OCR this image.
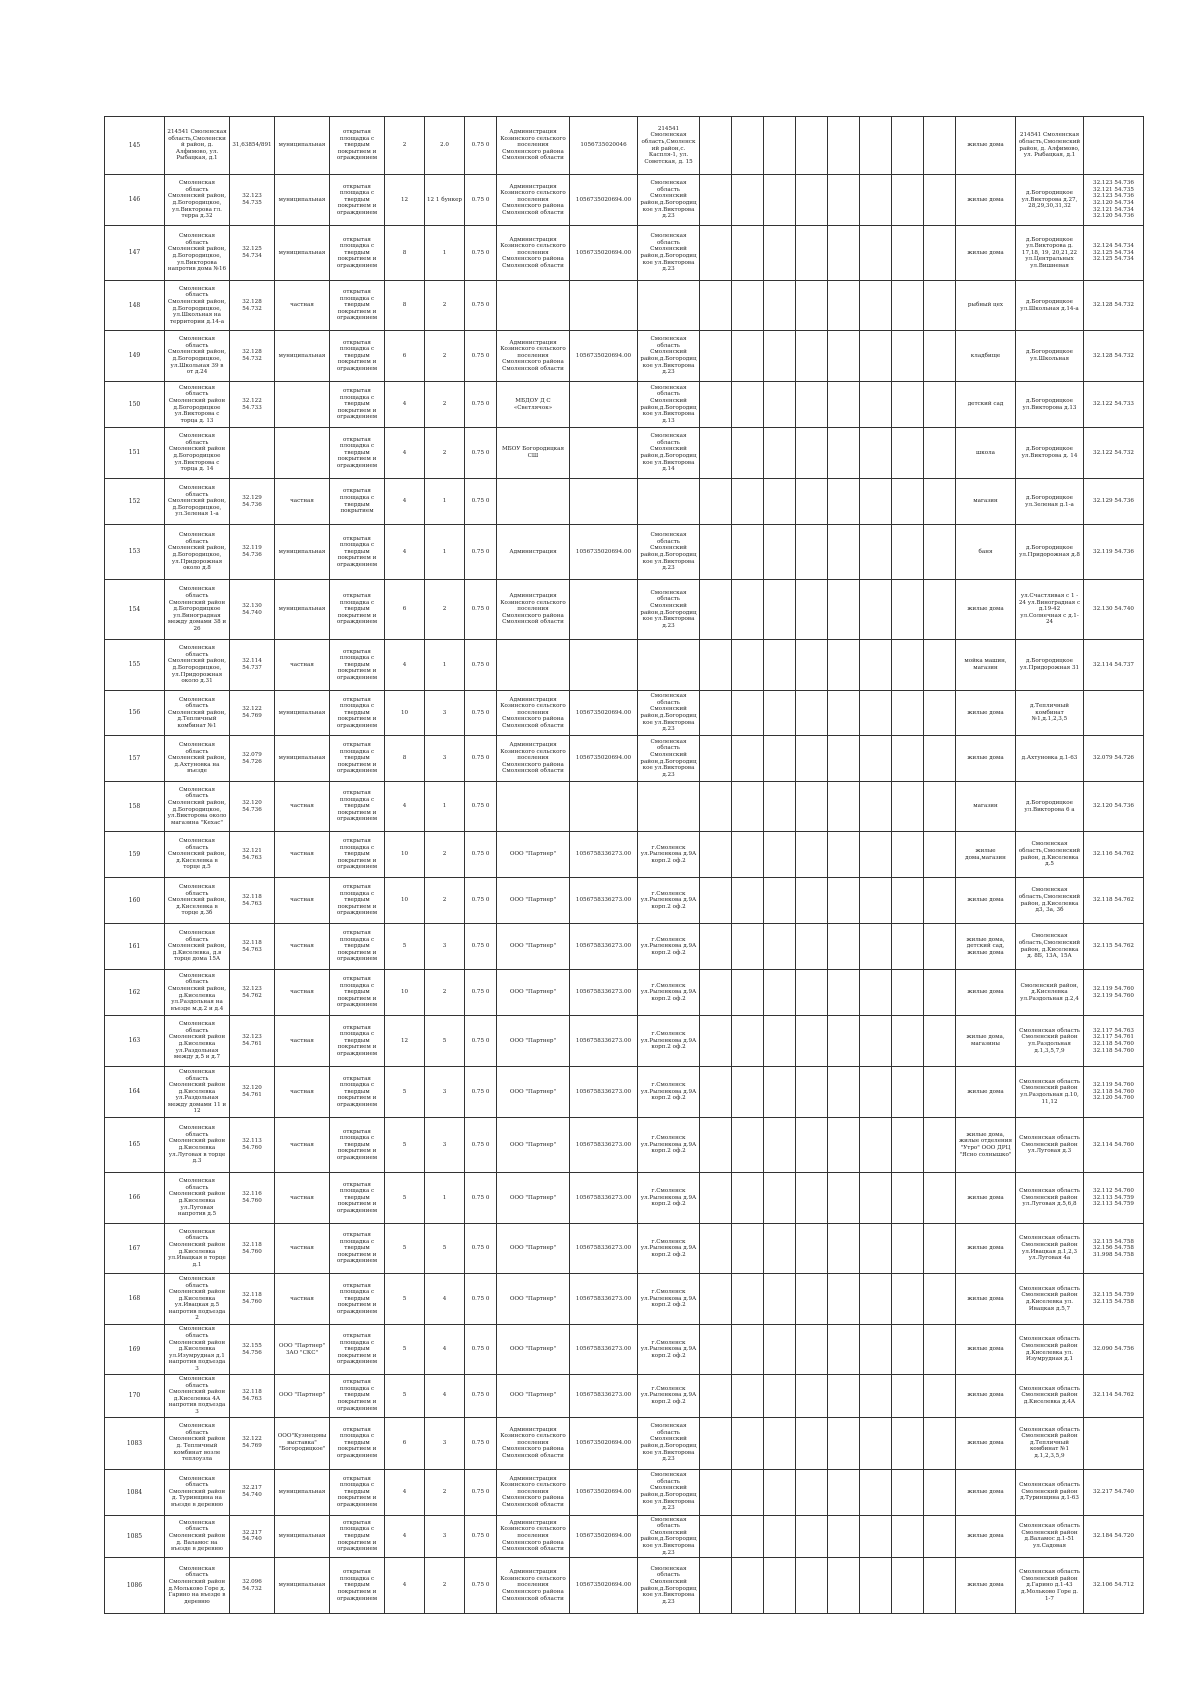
145	214541 Смоленская область,Смоленский район, д. Алфимово, ул. Рыбацкая, д.1	31,63854/891	муниципальная	открытая площадка с твердым покрытием и ограждением	2	2.0	0.75 0	Администрация Козинского сельского поселения Смоленского района Смоленской области	1056735020046	214541 Смоленская область,Смоленский район,с. Каспля-1, ул. Советская, д. 15									жилые дома	214541 Смоленская область,Смоленский район, д. Алфимово, ул. Рыбацкая, д.1	
146	Смоленская область Смоленский район, д.Богородицкое, ул.Викторова гл. терра д.32	32.123 54.735	муниципальная	открытая площадка с твердым покрытием и ограждением	12	12 1 бункер	0.75 0	Администрация Козинского сельского поселения Смоленского района Смоленской области	1056735020694.00	Смоленская область Смоленский район,д.Богородицкое ул.Викторова д.23									жилые дома	д.Богородицкое ул.Викторова д.27, 28,29,30,31,32	32.123 54.736 32.121 54.735 32.123 54.736 32.120 54.734 32.121 54.734 32.120 54.736
147	Смоленская область Смоленский район, д.Богородицкое, ул.Викторова напротив дома №16	32.125 54.734	муниципальная	открытая площадка с твердым покрытием и ограждением	8	1	0.75 0	Администрация Козинского сельского поселения Смоленского района Смоленской области	1056735020694.00	Смоленская область Смоленский район,д.Богородицкое ул.Викторова д.23									жилые дома	д.Богородицкое ул.Викторова д. 17,18, 19, 20,21,22 ул.Центральных ул.Вишневая	32.124 54.734 32.125 54.734 32.125 54.734
148	Смоленская область Смоленский район, д.Богородицкое, ул.Школьная на территории д.14-а	32.128 54.732	частная	открытая площадка с твердым покрытием и ограждением	8	2	0.75 0												рыбный цех	д.Богородицкое ул.Школьная д.14-а	32.128 54.732
149	Смоленская область Смоленский район, д.Богородицкое, ул.Школьная 39 в от д.24	32.128 54.732	муниципальная	открытая площадка с твердым покрытием и ограждением	6	2	0.75 0	Администрация Козинского сельского поселения Смоленского района Смоленской области	1056735020694.00	Смоленская область Смоленский район,д.Богородицкое ул.Викторова д.23									кладбище	д.Богородицкое ул.Школьная	32.128 54.732
150	Смоленская область Смоленский район д.Богородицкое ул.Викторова с торца д. 13	32.122 54.733		открытая площадка с твердым покрытием и ограждением	4	2	0.75 0	МБДОУ Д С «Светлячок»		Смоленская область Смоленский район,д.Богородицкое ул.Викторова д.13									детский сад	д.Богородицкое ул.Викторова д.13	32.122 54.733
151	Смоленская область Смоленский район д.Богородицкое ул.Викторова с торца д. 14			открытая площадка с твердым покрытием и ограждением	4	2	0.75 0	МБОУ Богородицкая СШ		Смоленская область Смоленский район,д.Богородицкое ул.Викторова д.14									школа	д.Богородицкое ул.Викторова д. 14	32.122 54.732
152	Смоленская область Смоленский район, д.Богородицкое, ул.Зеленая 1-а	32.129 54.736	частная	открытая площадка с твердым покрытием	4	1	0.75 0												магазин	д.Богородицкое ул.Зеленая д.1-а	32.129 54.736
153	Смоленская область Смоленский район, д.Богородицкое, ул.Придорожная около д.8	32.119 54.736	муниципальная	открытая площадка с твердым покрытием и ограждением	4	1	0.75 0	Администрация	1056735020694.00	Смоленская область Смоленский район,д.Богородицкое ул.Викторова д.23									баня	д.Богородицкое ул.Придорожная д.8	32.119 54.736
154	Смоленская область Смоленский район д.Богородицкое ул.Виноградная между домами 38 и 26	32.130 54.740	муниципальная	открытая площадка с твердым покрытием и ограждением	6	2	0.75 0	Администрация Козинского сельского поселения Смоленского района Смоленской области		Смоленская область Смоленский район,д.Богородицкое ул.Викторова д.23									жилые дома	ул.Счастливая с 1 - 24 ул.Виноградная с д.19-42 ул.Солнечная с д.1-24	32.130 54.740
155	Смоленская область Смоленский район, д.Богородицкое, ул.Придорожная около д.31	32.114 54.737	частная	открытая площадка с твердым покрытием и ограждением	4	1	0.75 0												мойка машин, магазин	д.Богородицкое ул.Придорожная 31	32.114 54.737
156	Смоленская область Смоленский район, д.Тепличный комбинат №1	32.122 54.769	муниципальная	открытая площадка с твердым покрытием и ограждением	10	3	0.75 0	Администрация Козинского сельского поселения Смоленского района Смоленской области	1056735020694.00	Смоленская область Смоленский район,д.Богородицкое ул.Викторова д.23									жилые дома	д.Тепличный комбинат №1,д.1,2,3,5	
157	Смоленская область Смоленский район, д.Ахтуновка на въезде	32.079 54.726	муниципальная	открытая площадка с твердым покрытием и ограждением	8	3	0.75 0	Администрация Козинского сельского поселения Смоленского района Смоленской области	1056735020694.00	Смоленская область Смоленский район,д.Богородицкое ул.Викторова д.23									жилые дома	д.Ахтуновка д.1-63	32.079 54.726
158	Смоленская область Смоленский район, д.Богородицкое, ул.Викторова около магазина "Кехас"	32.120 54.736	частная	открытая площадка с твердым покрытием и ограждением	4	1	0.75 0												магазин	д.Богородицкое ул.Викторова 6 а	32.120 54.736
159	Смоленская область Смоленский район, д.Киселевка в торце д.5	32.121 54.763	частная	открытая площадка с твердым покрытием и ограждением	10	2	0.75 0	ООО "Партнер"	1056758336273.00	г.Смоленск ул.Рыленкова д.9А корп.2 оф.2									жилые дома,магазин	Смоленская область,Смоленский район, д.Киселевка д.5	32.116 54.762
160	Смоленская область Смоленский район, д.Киселевка в торце д.3б	32.118 54.763	частная	открытая площадка с твердым покрытием и ограждением	10	2	0.75 0	ООО "Партнер"	1056758336273.00	г.Смоленск ул.Рыленкова д.9А корп.2 оф.2									жилые дома	Смоленская область,Смоленский район, д.Киселевка д3, 3а, 3б	32.118 54.762
161	Смоленская область Смоленский район, д.Киселевка, д.в торце дома 15А	32.118 54.763	частная	открытая площадка с твердым покрытием и ограждением	5	3	0.75 0	ООО "Партнер"	1056758336273.00	г.Смоленск ул.Рыленкова д.9А корп.2 оф.2									жилые дома, детский сад, жилые дома	Смоленская область,Смоленский район, д.Киселевка д. 8Б, 13А, 15А	32.115 54.762
162	Смоленская область Смоленский район, д.Киселевка ул.Раздольная на въезде м.д.2 и д.4	32.123 54.762	частная	открытая площадка с твердым покрытием и ограждением	10	2	0.75 0	ООО "Партнер"	1056758336273.00	г.Смоленск ул.Рыленкова д.9А корп.2 оф.2									жилые дома	Смоленский район, д.Киселевка ул.Раздольная д.2,4	32.119 54.760 32.119 54.760
163	Смоленская область Смоленский район д.Киселевка ул.Раздольная между д.5 и д.7	32.123 54.761	частная	открытая площадка с твердым покрытием и ограждением	12	5	0.75 0	ООО "Партнер"	1056758336273.00	г.Смоленск ул.Рыленкова д.9А корп.2 оф.2									жилые дома, магазины	Смоленская область Смоленский район ул.Раздольная д.1,3,5,7,9	32.117 54.763 32.117 54.761 32.118 54.760 32.118 54.760
164	Смоленская область Смоленский район д.Киселевка ул.Раздольная между домами 11 и 12	32.120 54.761	частная	открытая площадка с твердым покрытием и ограждением	5	3	0.75 0	ООО "Партнер"	1056758336273.00	г.Смоленск ул.Рыленкова д.9А корп.2 оф.2									жилые дома	Смоленская область Смоленский район ул.Раздольная д.10, 11,12	32.119 54.760 32.118 54.760 32.120 54.760
165	Смоленская область Смоленский район д.Киселевка ул.Луговая в торце д.3	32.113 54.760	частная	открытая площадка с твердым покрытием и ограждением	5	3	0.75 0	ООО "Партнер"	1056758336273.00	г.Смоленск ул.Рыленкова д.9А корп.2 оф.2									жилые дома, жилые отделения "Утро" ООО ДРЦ "Ясно солнышко"	Смоленская область Смоленский район ул.Луговая д.3	32.114 54.760
166	Смоленская область Смоленский район д.Киселевка ул.Луговая напротив д.5	32.116 54.760	частная	открытая площадка с твердым покрытием и ограждением	5	1	0.75 0	ООО "Партнер"	1056758336273.00	г.Смоленск ул.Рыленкова д.9А корп.2 оф.2									жилые дома	Смоленская область Смоленский район ул.Луговая д.5,6,8	32.112 54.760 32.113 54.759 32.113 54.759
167	Смоленская область Смоленский район д.Киселевка ул.Ивацкая в торце д.1	32.118 54.760	частная	открытая площадка с твердым покрытием и ограждением	5	5	0.75 0	ООО "Партнер"	1056758336273.00	г.Смоленск ул.Рыленкова д.9А корп.2 оф.2									жилые дома	Смоленская область Смоленский район ул.Ивацкая д.1,2,3 ул.Луговая 4а	32.115 54.758 32.156 54.758 31.998 54.758
168	Смоленская область Смоленский район д.Киселевка ул.Ивацкая д.5 напротив подъезда 2	32.118 54.760	частная	открытая площадка с твердым покрытием и ограждением	5	4	0.75 0	ООО "Партнер"	1056758336273.00	г.Смоленск ул.Рыленкова д.9А корп.2 оф.2									жилые дома	Смоленская область Смоленский район д.Киселевка ул. Ивацкая д.5,7	32.115 54.759 32.115 54.758
169	Смоленская область Смоленский район д.Киселевка ул.Изумрудная д.1 напротив подъезда 3	32.155 54.756	ООО "Партнер" ЗАО "СКС"	открытая площадка с твердым покрытием и ограждением	5	4	0.75 0	ООО "Партнер"	1056758336273.00	г.Смоленск ул.Рыленкова д.9А корп.2 оф.2									жилые дома	Смоленская область Смоленский район д.Киселевка ул. Изумрудная д.1	32.090 54.756
170	Смоленская область Смоленский район д.Киселевка 4А напротив подъезда 3	32.118 54.763	ООО "Партнер"	открытая площадка с твердым покрытием и ограждением	5	4	0.75 0	ООО "Партнер"	1056758336273.00	г.Смоленск ул.Рыленкова д.9А корп.2 оф.2									жилые дома	Смоленская область Смоленский район д.Киселевка д.4А	32.114 54.762
1083	Смоленская область Смоленский район д. Тепличный комбинат возле теплоузла	32.122 54.769	ООО"Кузнецовы выставка" "Богородицкое"	открытая площадка с твердым покрытием и ограждением	6	3	0.75 0	Администрация Козинского сельского поселения Смоленского района Смоленской области	1056735020694.00	Смоленская область Смоленский район,д.Богородицкое ул.Викторова д.23									жилые дома	Смоленская область Смоленский район д.Тепличный комбинат №1 д.1,2,3,5,9	
1084	Смоленская область Смоленский район д. Туринщина на въезде в деревню	32.217 54.740	муниципальная	открытая площадка с твердым покрытием и ограждением	4	2	0.75 0	Администрация Козинского сельского поселения Смоленского района Смоленской области	1056735020694.00	Смоленская область Смоленский район,д.Богородицкое ул.Викторова д.23									жилые дома	Смоленская область Смоленский район д.Туринщина д.1-63	32.217 54.740
1085	Смоленская область Смоленский район д. Валамос на въезде в деревню	32.217 54.740	муниципальная	открытая площадка с твердым покрытием и ограждением	4	3	0.75 0	Администрация Козинского сельского поселения Смоленского района Смоленской области	1056735020694.00	Смоленская область Смоленский район,д.Богородицкое ул.Викторова д.23									жилые дома	Смоленская область Смоленский район д.Валамос д.1-51 ул.Садовая	32.184 54.720
1086	Смоленская область Смоленский район д.Мольково Горе д. Гарино на въезде в деревню	32.096 54.732	муниципальная	открытая площадка с твердым покрытием и ограждением	4	2	0.75 0	Администрация Козинского сельского поселения Смоленского района Смоленской области	1056735020694.00	Смоленская область Смоленский район,д.Богородицкое ул.Викторова д.23									жилые дома	Смоленская область Смоленский район д.Гарино д.1-43 д.Мольково Горе д. 1-7	32.106 54.712
